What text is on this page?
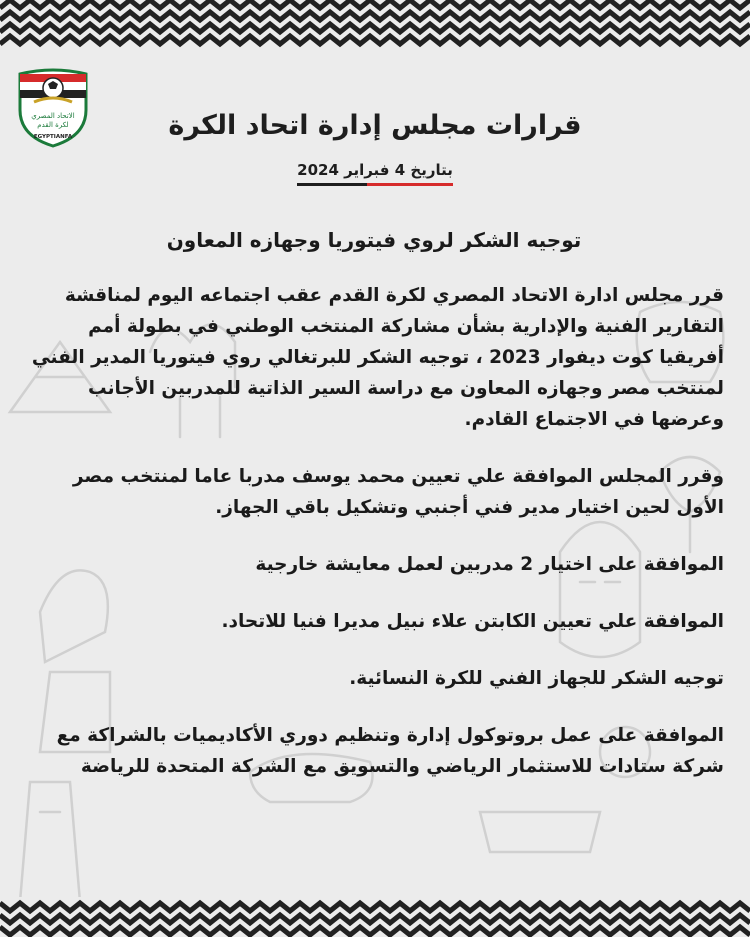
الاتحاد المصري
لكرة القدم
EGYPTIANFA	قرارات مجلس إدارة اتحاد الكرة
بتاريخ 4 فبراير 2024
توجيه الشكر لروي فيتوريا وجهازه المعاون

قرر مجلس ادارة الاتحاد المصري لكرة القدم عقب اجتماعه اليوم لمناقشة التقارير الفنية والإدارية بشأن مشاركة المنتخب الوطني في بطولة أمم أفريقيا كوت ديفوار 2023 ، توجيه الشكر للبرتغالي روي فيتوريا المدير الفني لمنتخب مصر وجهازه المعاون مع دراسة السير الذاتية للمدربين الأجانب وعرضها في الاجتماع القادم.

وقرر المجلس الموافقة علي تعيين محمد يوسف مدربا عاما لمنتخب مصر الأول لحين اختيار مدير فني أجنبي وتشكيل باقي الجهاز.

الموافقة على اختيار 2 مدربين لعمل معايشة خارجية

الموافقة علي تعيين الكابتن علاء نبيل مديرا فنيا للاتحاد.

توجيه الشكر للجهاز الفني للكرة النسائية.

الموافقة على عمل بروتوكول إدارة وتنظيم دوري الأكاديميات بالشراكة مع شركة ستادات للاستثمار الرياضي والتسويق مع الشركة المتحدة للرياضة
